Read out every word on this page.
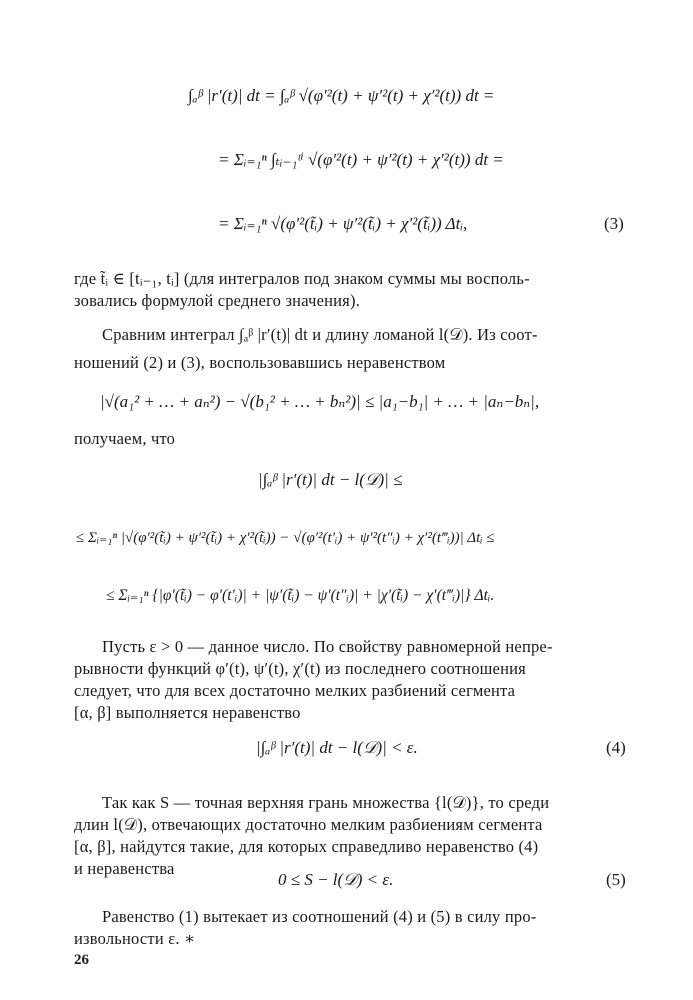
∫ₐᵝ |r′(t)| dt = ∫ₐᵝ √(φ′²(t) + ψ′²(t) + χ′²(t)) dt =
= Σᵢ₌₁ⁿ ∫ₜᵢ₋₁ᵗⁱ √(φ′²(t) + ψ′²(t) + χ′²(t)) dt =
= Σᵢ₌₁ⁿ √(φ′²(t̃ᵢ) + ψ′²(t̃ᵢ) + χ′²(t̃ᵢ)) Δtᵢ,	(3)
где t̃ᵢ ∈ [tᵢ₋₁, tᵢ] (для интегралов под знаком суммы мы восполь-
зовались формулой среднего значения).
Сравним интеграл ∫ₐᵝ |r′(t)| dt и длину ломаной l(𝒟). Из соот-
ношений (2) и (3), воспользовавшись неравенством
|√(a₁² + … + aₙ²) − √(b₁² + … + bₙ²)| ≤ |a₁−b₁| + … + |aₙ−bₙ|,
получаем, что
|∫ₐᵝ |r′(t)| dt − l(𝒟)| ≤
≤ Σᵢ₌₁ⁿ |√(φ′²(t̃ᵢ) + ψ′²(t̃ᵢ) + χ′²(t̃ᵢ)) − √(φ′²(t′ᵢ) + ψ′²(t″ᵢ) + χ′²(t‴ᵢ))| Δtᵢ ≤
≤ Σᵢ₌₁ⁿ {|φ′(t̃ᵢ) − φ′(t′ᵢ)| + |ψ′(t̃ᵢ) − ψ′(t″ᵢ)| + |χ′(t̃ᵢ) − χ′(t‴ᵢ)|} Δtᵢ.
Пусть ε > 0 — данное число. По свойству равномерной непре-
рывности функций φ′(t), ψ′(t), χ′(t) из последнего соотношения
следует, что для всех достаточно мелких разбиений сегмента
[α, β] выполняется неравенство
|∫ₐᵝ |r′(t)| dt − l(𝒟)| < ε.	(4)
Так как S — точная верхняя грань множества {l(𝒟)}, то среди
длин l(𝒟), отвечающих достаточно мелким разбиениям сегмента
[α, β], найдутся такие, для которых справедливо неравенство (4)
и неравенства
0 ≤ S − l(𝒟) < ε.	(5)
Равенство (1) вытекает из соотношений (4) и (5) в силу про-
извольности ε. ∗
26
